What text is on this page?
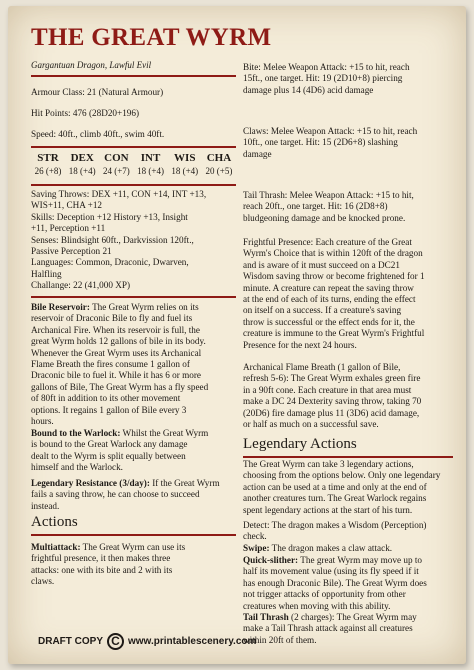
THE GREAT WYRM
Gargantuan Dragon, Lawful Evil
Armour Class: 21 (Natural Armour)
Hit Points: 476 (28D20+196)
Speed: 40ft., climb 40ft., swim 40ft.
STR	DEX CON	INT	WIS	CHA
26 (+8) 18 (+4) 24 (+7) 18 (+4) 18 (+4) 20 (+5)
Saving Throws: DEX +11, CON +14, INT +13,
WIS+11, CHA +12
Skills: Deception +12 History +13, Insight
+11, Perception +11
Senses: Blindsight 60ft., Darkvission 120ft.,
Passive Perception 21
Languages: Common, Draconic, Dwarven,
Halfling
Challange: 22 (41,000 XP)
Bile Reservoir: The Great Wyrm relies on its
reservoir of Draconic Bile to fly and fuel its
Archanical Fire. When its reservoir is full, the
great Wyrm holds 12 gallons of bile in its body.
Whenever the Great Wyrm uses its Archanical
Flame Breath the fires consume 1 gallon of
Draconic bile to fuel it. While it has 6 or more
gallons of Bile, The Great Wyrm has a fly speed
of 80ft in addition to its other movement
options. It regains 1 gallon of Bile every 3
hours.
Bound to the Warlock: Whilst the Great Wyrm
is bound to the Great Warlock any damage
dealt to the Wyrm is split equally between
himself and the Warlock.
Legendary Resistance (3/day): If the Great Wyrm
fails a saving throw, he can choose to succeed
instead.
Actions
Multiattack: The Great Wyrm can use its
frightful presence, it then makes three
attacks: one with its bite and 2 with its
claws.
Bite: Melee Weapon Attack: +15 to hit, reach
15ft., one target. Hit: 19 (2D10+8) piercing
damage plus 14 (4D6) acid damage
Claws: Melee Weapon Attack: +15 to hit, reach
10ft., one target. Hit: 15 (2D6+8) slashing
damage
Tail Thrash: Melee Weapon Attack: +15 to hit,
reach 20ft., one target. Hit: 16 (2D8+8)
bludgeoning damage and be knocked prone.
Frightful Presence: Each creature of the Great
Wyrm's Choice that is within 120ft of the dragon
and is aware of it must succeed on a DC21
Wisdom saving throw or become frightened for 1
minute. A creature can repeat the saving throw
at the end of each of its turns, ending the effect
on itself on a success. If a creature's saving
throw is successful or the effect ends for it, the
creature is immune to the Great Wyrm's Frightful
Presence for the next 24 hours.
Archanical Flame Breath (1 gallon of Bile,
refresh 5-6): The Great Wyrm exhales green fire
in a 90ft cone. Each creature in that area must
make a DC 24 Dexterity saving throw, taking 70
(20D6) fire damage plus 11 (3D6) acid damage,
or half as much on a successful save.
Legendary Actions
The Great Wyrm can take 3 legendary actions,
choosing from the options below. Only one legendary
action can be used at a time and only at the end of
another creatures turn. The Great Warlock regains
spent legendary actions at the start of his turn.
Detect: The dragon makes a Wisdom (Perception)
check.
Swipe: The dragon makes a claw attack.
Quick-slither: The great Wyrm may move up to
half its movement value (using its fly speed if it
has enough Draconic Bile). The Great Wyrm does
not trigger attacks of opportunity from other
creatures when moving with this ability.
Tail Thrash (2 charges): The Great Wyrm may
make a Tail Thrash attack against all creatures
within 20ft of them.
DRAFT COPY C www.printablescenery.com
